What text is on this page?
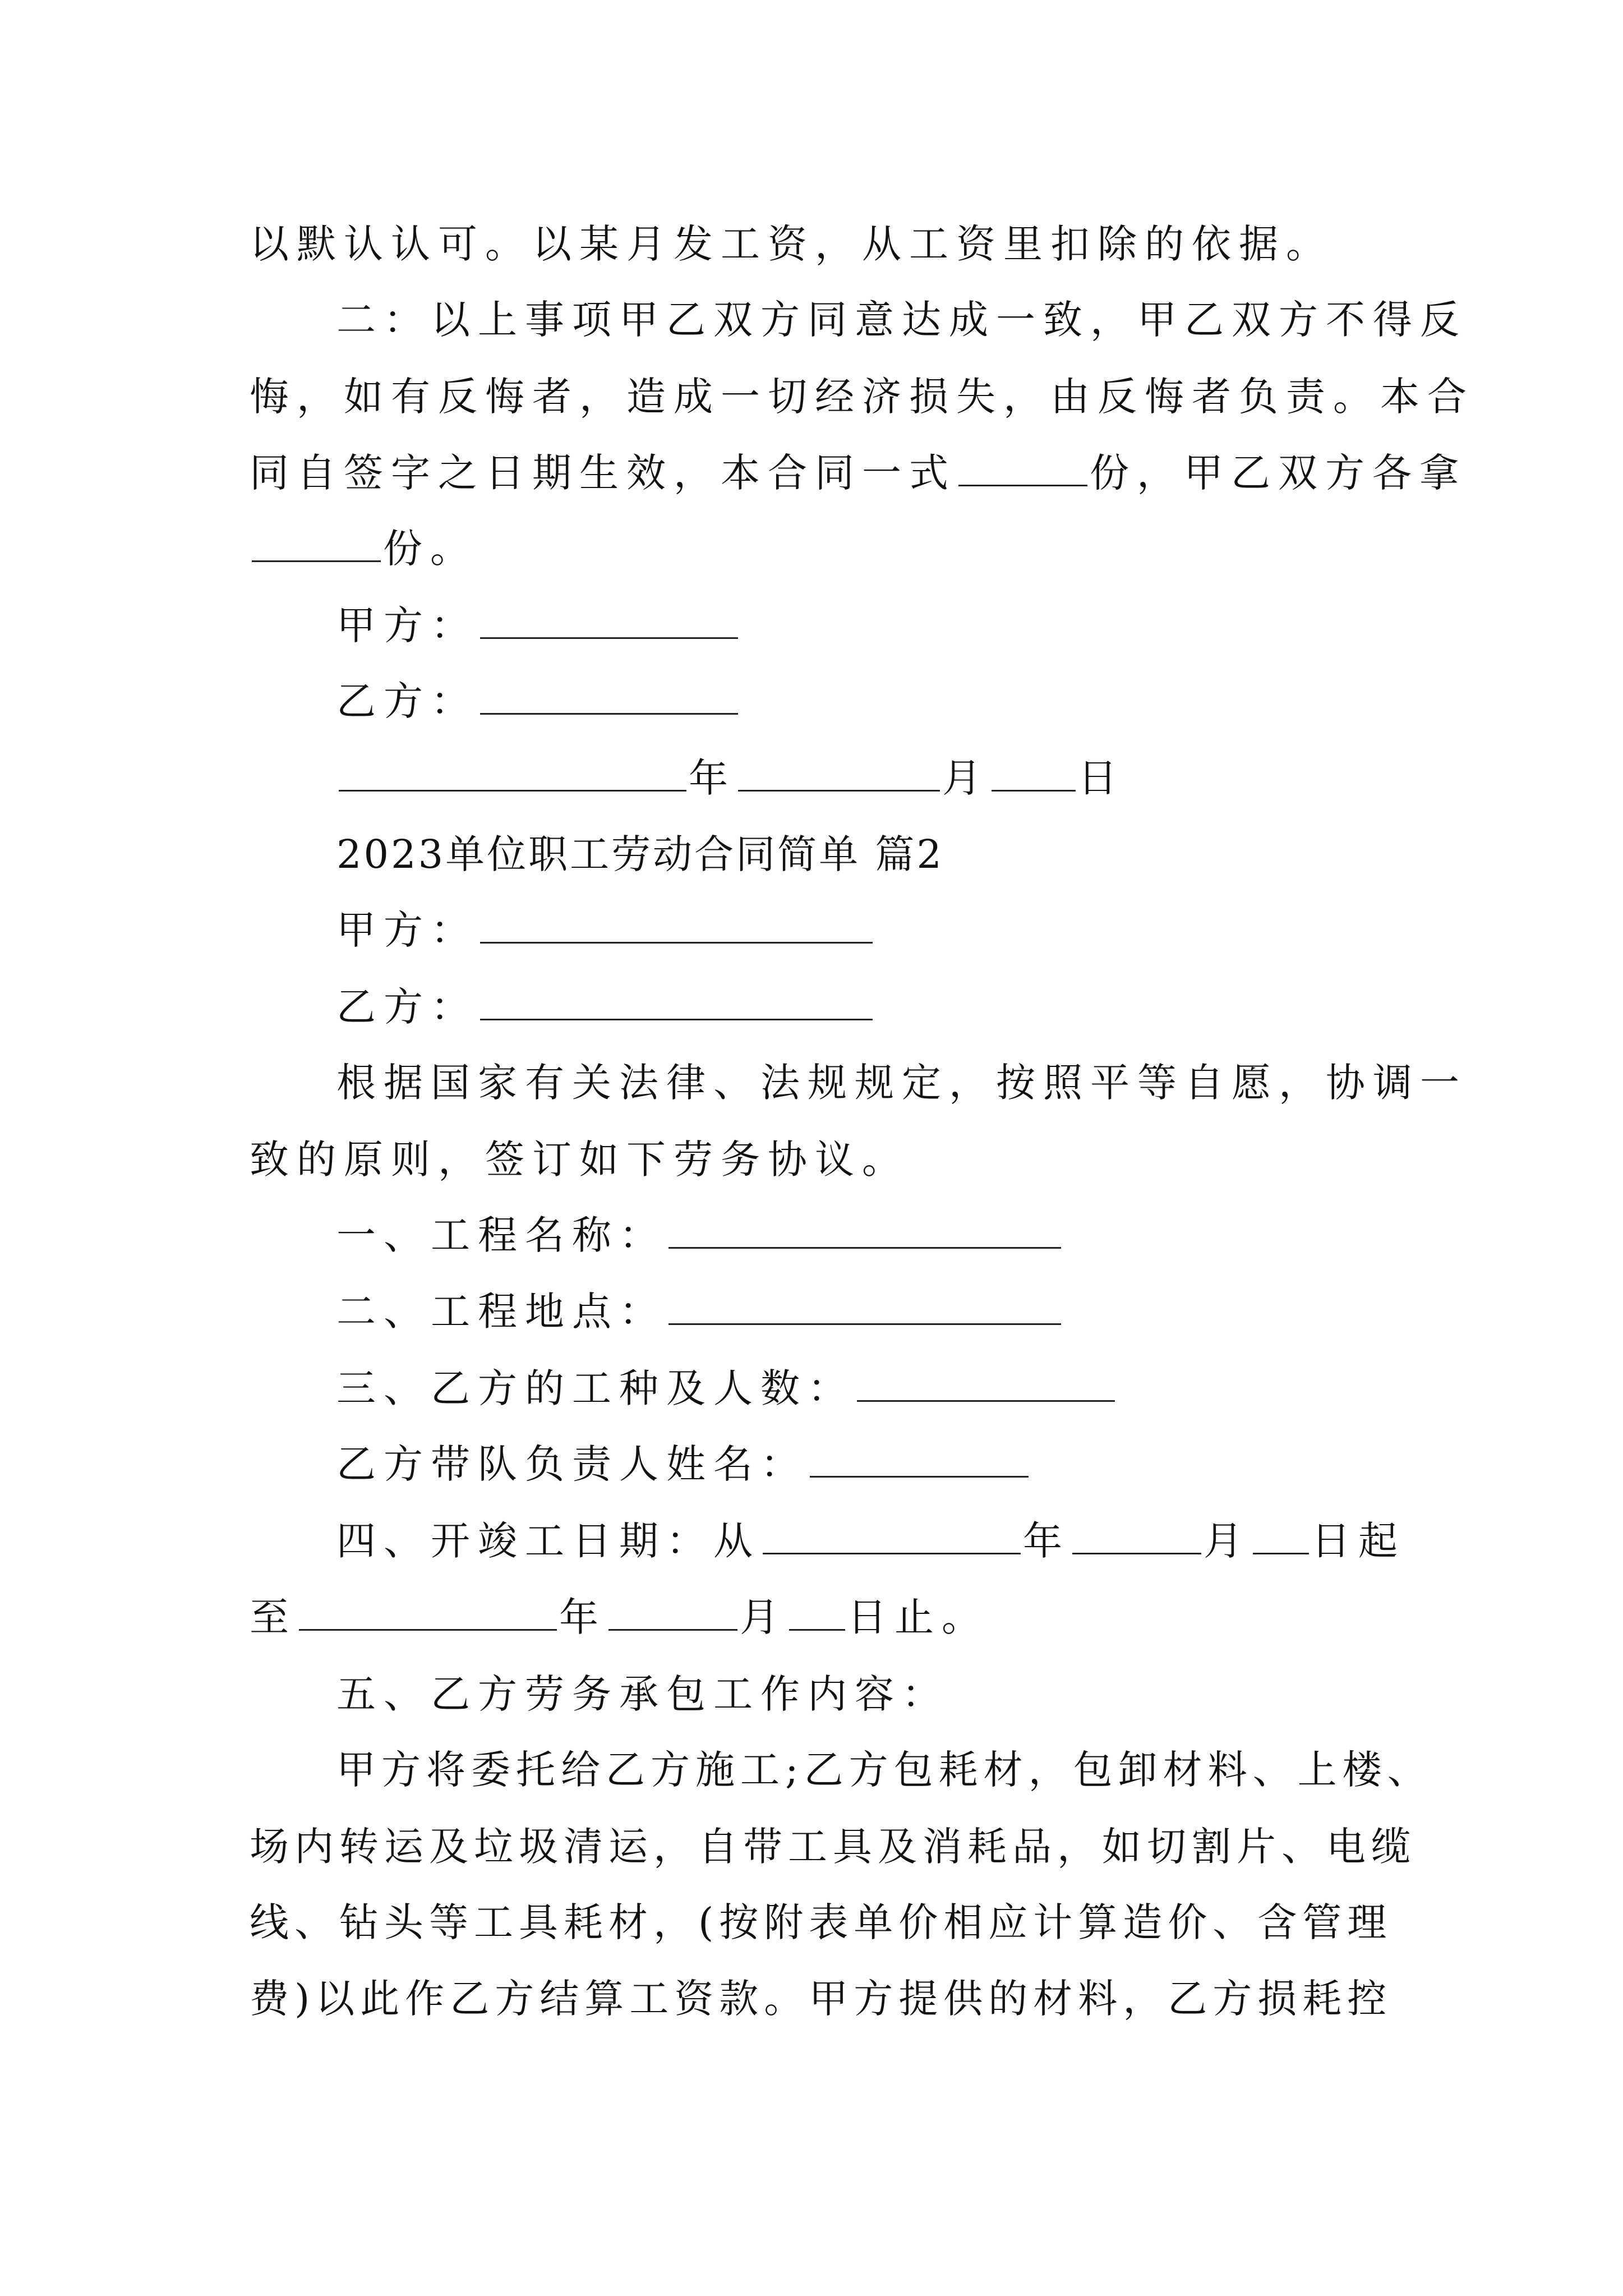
以默认认可。以某月发工资，从工资里扣除的依据。
二：以上事项甲乙双方同意达成一致，甲乙双方不得反
悔，如有反悔者，造成一切经济损失，由反悔者负责。本合
同自签字之日期生效，本合同一式	份，甲乙双方各拿
份。
甲方：
乙方：
年	月 日
2023单位职工劳动合同简单 篇2
甲方：
乙方：
根据国家有关法律、法规规定，按照平等自愿，协调一
致的原则，签订如下劳务协议。
一、工程名称：
二、工程地点：
三、乙方的工种及人数：
乙方带队负责人姓名：
四、开竣工日期：从	年	月 日起
至	年	月 日止。
五、乙方劳务承包工作内容：
甲方将委托给乙方施工;乙方包耗材，包卸材料、上楼、
场内转运及垃圾清运，自带工具及消耗品，如切割片、电缆
线、钻头等工具耗材，(按附表单价相应计算造价、含管理
费)以此作乙方结算工资款。甲方提供的材料，乙方损耗控
